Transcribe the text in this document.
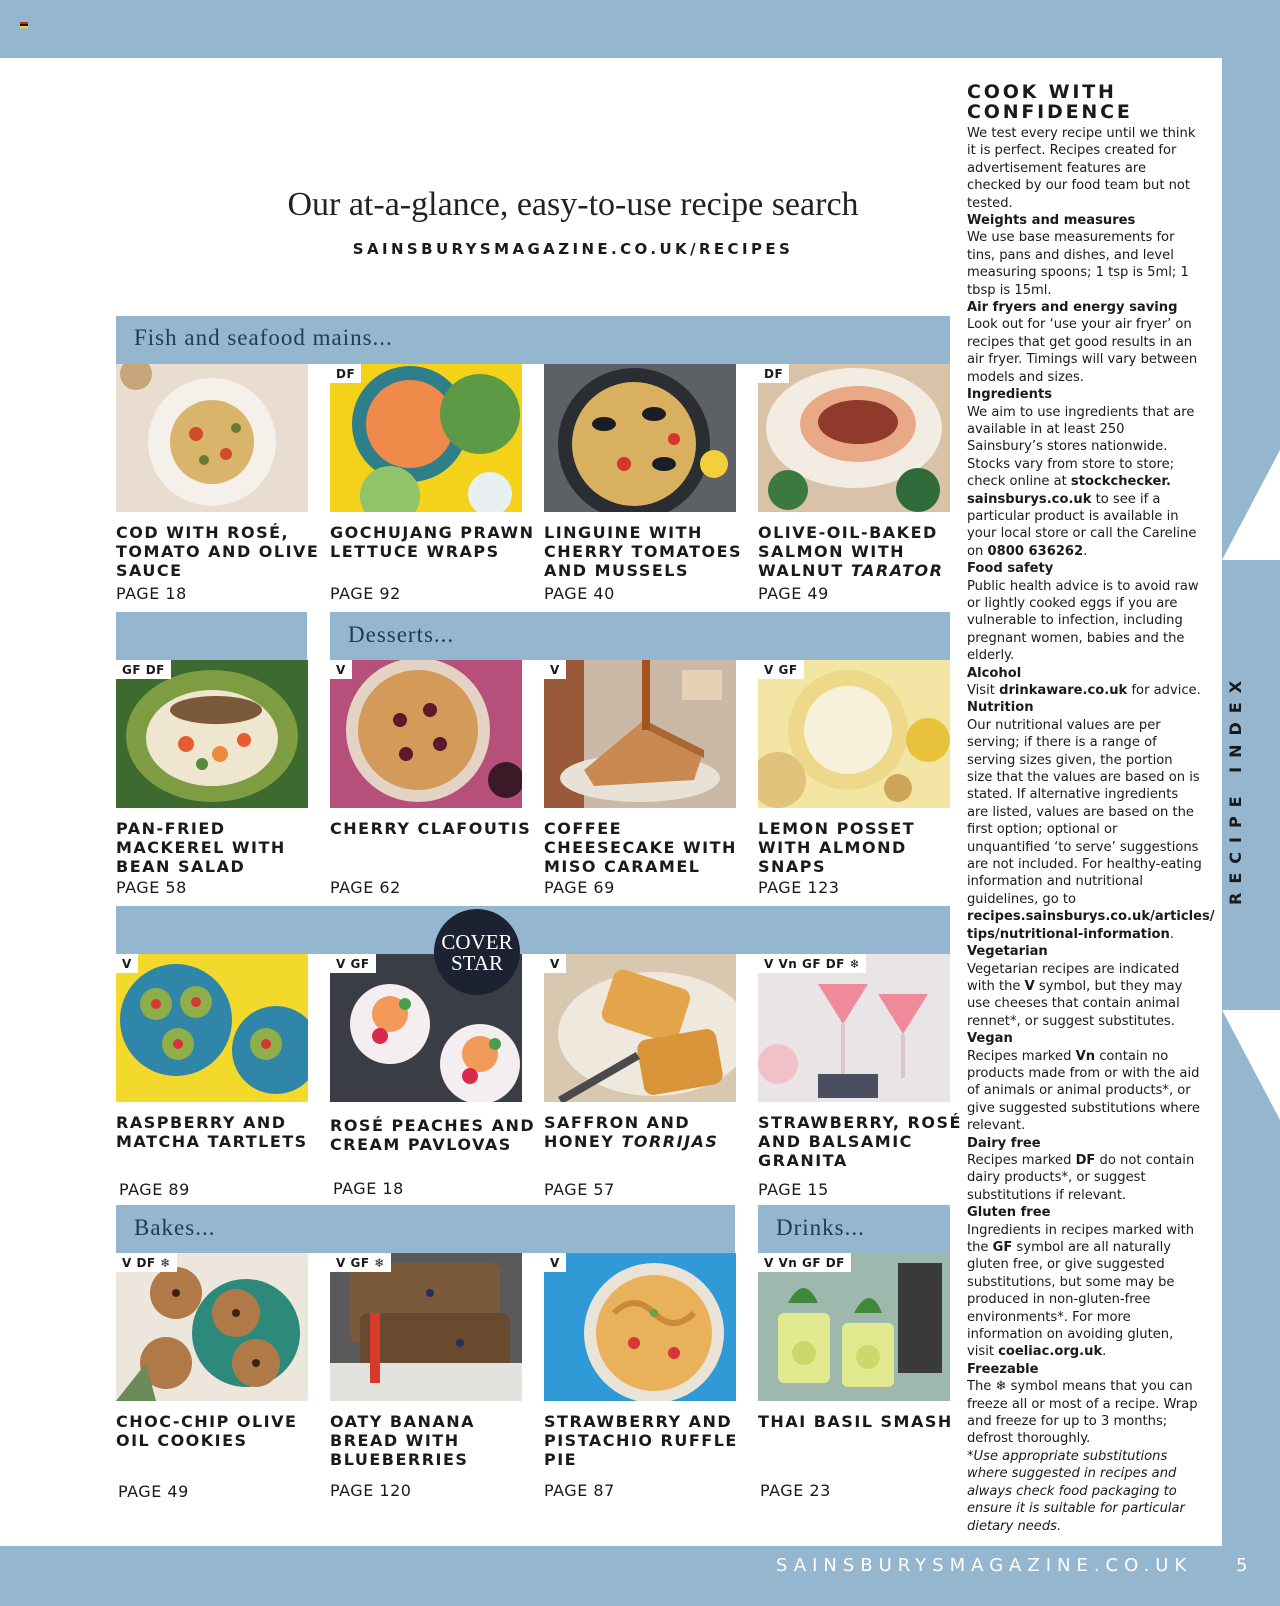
Our at-a-glance, easy-to-use recipe search
SAINSBURYSMAGAZINE.CO.UK/RECIPES
Fish and seafood mains...
Desserts...
Bakes...	Drinks...
COD WITH ROSÉ, TOMATO AND OLIVE SAUCE
PAGE 18
DF
GOCHUJANG PRAWN LETTUCE WRAPS
PAGE 92
LINGUINE WITH CHERRY TOMATOES AND MUSSELS
PAGE 40
DF
OLIVE-OIL-BAKED SALMON WITH WALNUT TARATOR
PAGE 49
GF DF
PAN-FRIED MACKEREL WITH BEAN SALAD
PAGE 58
V
CHERRY CLAFOUTIS
PAGE 62
V
COFFEE CHEESECAKE WITH MISO CARAMEL
PAGE 69
V GF
LEMON POSSET WITH ALMOND SNAPS
PAGE 123
V
RASPBERRY AND MATCHA TARTLETS
PAGE 89
V GF
ROSÉ PEACHES AND CREAM PAVLOVAS
PAGE 18
V
SAFFRON AND HONEY TORRIJAS
PAGE 57
V Vn GF DF ❄
STRAWBERRY, ROSÉ AND BALSAMIC GRANITA
PAGE 15
COVER
STAR
V DF ❄
CHOC-CHIP OLIVE OIL COOKIES
PAGE 49
V GF ❄
OATY BANANA BREAD WITH BLUEBERRIES
PAGE 120
V
STRAWBERRY AND PISTACHIO RUFFLE PIE
PAGE 87
V Vn GF DF
THAI BASIL SMASH
PAGE 23
COOK WITH CONFIDENCE

We test every recipe until we think it is perfect. Recipes created for advertisement features are checked by our food team but not tested.

Weights and measures

We use base measurements for tins, pans and dishes, and level measuring spoons; 1 tsp is 5ml; 1 tbsp is 15ml.

Air fryers and energy saving

Look out for ‘use your air fryer’ on recipes that get good results in an air fryer. Timings will vary between models and sizes.

Ingredients

We aim to use ingredients that are available in at least 250 Sainsbury’s stores nationwide. Stocks vary from store to store; check online at stockchecker. sainsburys.co.uk to see if a particular product is available in your local store or call the Careline on 0800 636262.

Food safety

Public health advice is to avoid raw or lightly cooked eggs if you are vulnerable to infection, including pregnant women, babies and the elderly.

Alcohol

Visit drinkaware.co.uk for advice.

Nutrition

Our nutritional values are per serving; if there is a range of serving sizes given, the portion size that the values are based on is stated. If alternative ingredients are listed, values are based on the first option; optional or unquantified ‘to serve’ suggestions are not included. For healthy-eating information and nutritional guidelines, go to recipes.sainsburys.co.uk/articles/ tips/nutritional-information.

Vegetarian

Vegetarian recipes are indicated with the V symbol, but they may use cheeses that contain animal rennet*, or suggest substitutes.

Vegan

Recipes marked Vn contain no products made from or with the aid of animals or animal products*, or give suggested substitutions where relevant.

Dairy free

Recipes marked DF do not contain dairy products*, or suggest substitutions if relevant.

Gluten free

Ingredients in recipes marked with the GF symbol are all naturally gluten free, or give suggested substitutions, but some may be produced in non-gluten-free environments*. For more information on avoiding gluten, visit coeliac.org.uk.

Freezable

The ❄ symbol means that you can freeze all or most of a recipe. Wrap and freeze for up to 3 months; defrost thoroughly.

*Use appropriate substitutions where suggested in recipes and always check food packaging to ensure it is suitable for particular dietary needs.

RECIPE INDEX
SAINSBURYSMAGAZINE.CO.UK 5
